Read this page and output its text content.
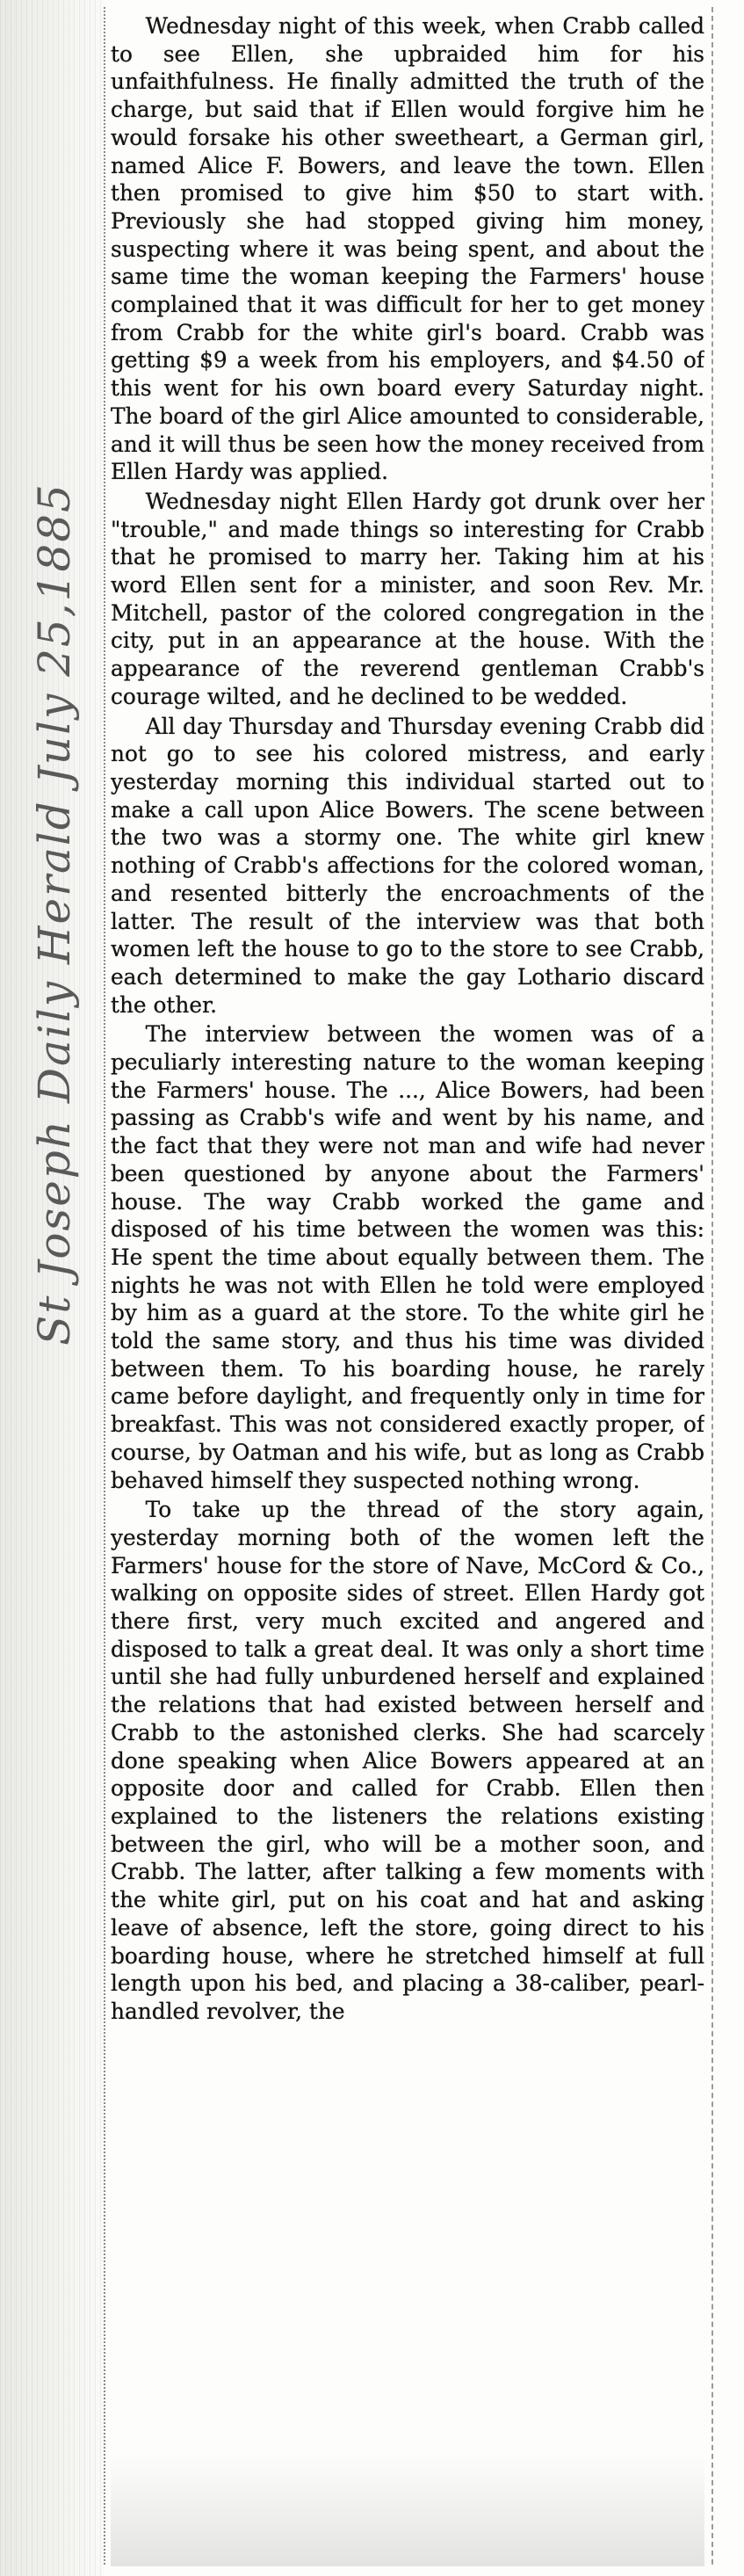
St Joseph Daily Herald July 25,1885

Wednesday night of this week, when Crabb called to see Ellen, she upbraided him for his unfaithfulness. He finally admitted the truth of the charge, but said that if Ellen would forgive him he would forsake his other sweetheart, a German girl, named Alice F. Bowers, and leave the town. Ellen then promised to give him $50 to start with. Previously she had stopped giving him money, suspecting where it was being spent, and about the same time the woman keeping the Farmers' house complained that it was difficult for her to get money from Crabb for the white girl's board. Crabb was getting $9 a week from his employers, and $4.50 of this went for his own board every Saturday night. The board of the girl Alice amounted to considerable, and it will thus be seen how the money received from Ellen Hardy was applied.

Wednesday night Ellen Hardy got drunk over her "trouble," and made things so interesting for Crabb that he promised to marry her. Taking him at his word Ellen sent for a minister, and soon Rev. Mr. Mitchell, pastor of the colored congregation in the city, put in an appearance at the house. With the appearance of the reverend gentleman Crabb's courage wilted, and he declined to be wedded.

All day Thursday and Thursday evening Crabb did not go to see his colored mistress, and early yesterday morning this individual started out to make a call upon Alice Bowers. The scene between the two was a stormy one. The white girl knew nothing of Crabb's affections for the colored woman, and resented bitterly the encroachments of the latter. The result of the interview was that both women left the house to go to the store to see Crabb, each determined to make the gay Lothario discard the other.

The interview between the women was of a peculiarly interesting nature to the woman keeping the Farmers' house. The ..., Alice Bowers, had been passing as Crabb's wife and went by his name, and the fact that they were not man and wife had never been questioned by anyone about the Farmers' house. The way Crabb worked the game and disposed of his time between the women was this: He spent the time about equally between them. The nights he was not with Ellen he told were employed by him as a guard at the store. To the white girl he told the same story, and thus his time was divided between them. To his boarding house, he rarely came before daylight, and frequently only in time for breakfast. This was not considered exactly proper, of course, by Oatman and his wife, but as long as Crabb behaved himself they suspected nothing wrong.

To take up the thread of the story again, yesterday morning both of the women left the Farmers' house for the store of Nave, McCord & Co., walking on opposite sides of street. Ellen Hardy got there first, very much excited and angered and disposed to talk a great deal. It was only a short time until she had fully unburdened herself and explained the relations that had existed between herself and Crabb to the astonished clerks. She had scarcely done speaking when Alice Bowers appeared at an opposite door and called for Crabb. Ellen then explained to the listeners the relations existing between the girl, who will be a mother soon, and Crabb. The latter, after talking a few moments with the white girl, put on his coat and hat and asking leave of absence, left the store, going direct to his boarding house, where he stretched himself at full length upon his bed, and placing a 38-caliber, pearl-handled revolver, the
